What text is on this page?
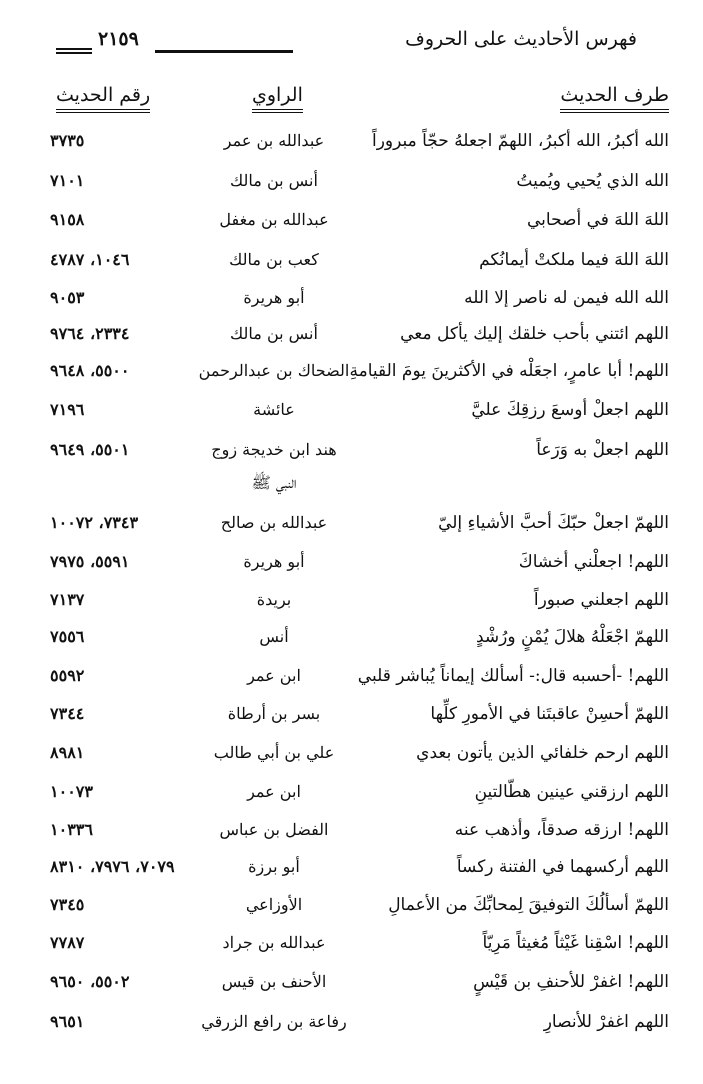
فهرس الأحاديث على الحروف
٢١٥٩
طرف الحديث
الراوي
رقم الحديث
الله أكبرُ، الله أكبرُ، اللهمّ اجعلهُ حجّاً مبروراً
عبدالله بن عمر
٣٧٣٥
الله الذي يُحيي ويُميتُ
أنس بن مالك
٧١٠١
اللهَ اللهَ في أصحابي
عبدالله بن مغفل
٩١٥٨
اللهَ اللهَ فيما ملكتْ أيمانُكم
كعب بن مالك
١٠٤٦، ٤٧٨٧
الله الله فيمن له ناصر إلا الله
أبو هريرة
٩٠٥٣
اللهم ائتني بأحب خلقك إليك يأكل معي
أنس بن مالك
٢٣٣٤، ٩٧٦٤
اللهم! أبا عامرٍ، اجعَلْه في الأكثرينَ يومَ القيامةِ
الضحاك بن عبدالرحمن
٥٥٠٠، ٩٦٤٨
اللهم اجعلْ أوسعَ رزقِكَ عليَّ
عائشة
٧١٩٦
اللهم اجعلْ به وَرَعاً
هند ابن خديجة زوج
النبي ﷺ
٥٥٠١، ٩٦٤٩
اللهمّ اجعلْ حبّكَ أحبَّ الأشياءِ إليّ
عبدالله بن صالح
٧٣٤٣، ١٠٠٧٢
اللهم! اجعلْني أخشاكَ
أبو هريرة
٥٥٩١، ٧٩٧٥
اللهم اجعلني صبوراً
بريدة
٧١٣٧
اللهمّ اجْعَلْهُ هلالَ يُمْنٍ ورُشْدٍ
أنس
٧٥٥٦
اللهم! -أحسبه قال:- أسألك إيماناً يُباشر قلبي
ابن عمر
٥٥٩٢
اللهمّ أحسِنْ عاقبتَنا في الأمورِ كلِّها
بسر بن أرطاة
٧٣٤٤
اللهم ارحم خلفائي الذين يأتون بعدي
علي بن أبي طالب
٨٩٨١
اللهم ارزقني عينين هطّالتينِ
ابن عمر
١٠٠٧٣
اللهم! ارزقه صدقاً، وأذهب عنه
الفضل بن عباس
١٠٣٣٦
اللهم أركسهما في الفتنة ركساً
أبو برزة
٧٠٧٩، ٧٩٧٦، ٨٣١٠
اللهمّ أسألُكَ التوفيقَ لِمحابِّكَ من الأعمالِ
الأوزاعي
٧٣٤٥
اللهم! اسْقِنا غَيْثاً مُغيثاً مَرِيّاً
عبدالله بن جراد
٧٧٨٧
اللهم! اغفرْ للأحنفِ بن قَيْسٍ
الأحنف بن قيس
٥٥٠٢، ٩٦٥٠
اللهم اغفرْ للأنصارِ
رفاعة بن رافع الزرقي
٩٦٥١
